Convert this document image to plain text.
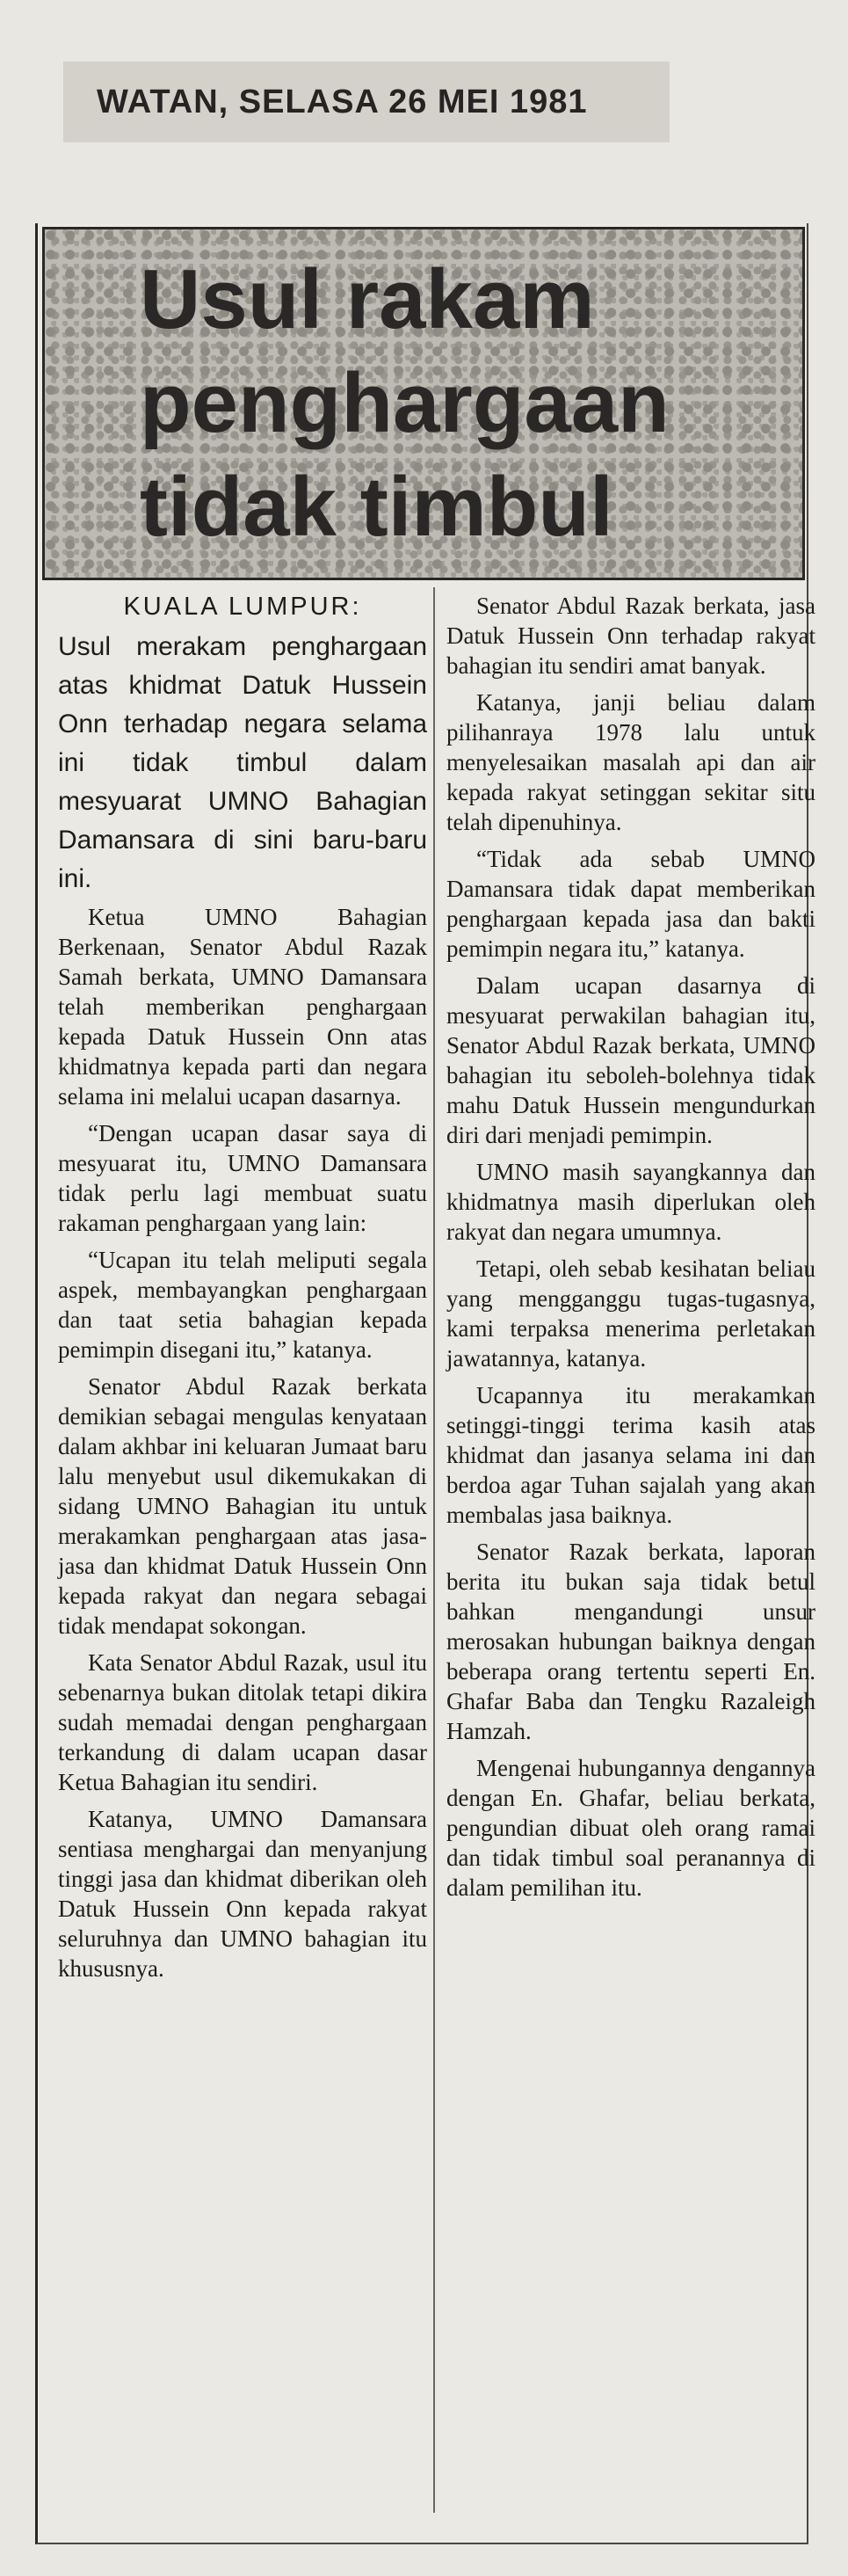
WATAN, SELASA 26 MEI 1981
Usul rakam
penghargaan
tidak timbul
KUALA LUMPUR:

Usul merakam penghargaan atas khidmat Datuk Hussein Onn terhadap negara selama ini tidak timbul dalam mesyuarat UMNO Bahagian Damansara di sini baru-baru ini.

Ketua UMNO Bahagian Berkenaan, Senator Abdul Razak Samah berkata, UMNO Damansara telah memberikan penghargaan kepada Datuk Hussein Onn atas khidmatnya kepada parti dan negara selama ini melalui ucapan dasarnya.

“Dengan ucapan dasar saya di mesyuarat itu, UMNO Damansara tidak perlu lagi membuat suatu rakaman penghargaan yang lain:

“Ucapan itu telah meliputi segala aspek, membayangkan penghargaan dan taat setia bahagian kepada pemimpin disegani itu,” katanya.

Senator Abdul Razak berkata demikian sebagai mengulas kenyataan dalam akhbar ini keluaran Jumaat baru lalu menyebut usul dikemukakan di sidang UMNO Bahagian itu untuk merakamkan penghargaan atas jasa-jasa dan khidmat Datuk Hussein Onn kepada rakyat dan negara sebagai tidak mendapat sokongan.

Kata Senator Abdul Razak, usul itu sebenarnya bukan ditolak tetapi dikira sudah memadai dengan penghargaan terkandung di dalam ucapan dasar Ketua Bahagian itu sendiri.

Katanya, UMNO Damansara sentiasa menghargai dan menyanjung tinggi jasa dan khidmat diberikan oleh Datuk Hussein Onn kepada rakyat seluruhnya dan UMNO bahagian itu khususnya.

Senator Abdul Razak berkata, jasa Datuk Hussein Onn terhadap rakyat bahagian itu sendiri amat banyak.

Katanya, janji beliau dalam pilihanraya 1978 lalu untuk menyelesaikan masalah api dan air kepada rakyat setinggan sekitar situ telah dipenuhinya.

“Tidak ada sebab UMNO Damansara tidak dapat memberikan penghargaan kepada jasa dan bakti pemimpin negara itu,” katanya.

Dalam ucapan dasarnya di mesyuarat perwakilan bahagian itu, Senator Abdul Razak berkata, UMNO bahagian itu seboleh-bolehnya tidak mahu Datuk Hussein mengundurkan diri dari menjadi pemimpin.

UMNO masih sayangkannya dan khidmatnya masih diperlukan oleh rakyat dan negara umumnya.

Tetapi, oleh sebab kesihatan beliau yang mengganggu tugas-tugasnya, kami terpaksa menerima perletakan jawatannya, katanya.

Ucapannya itu merakamkan setinggi-tinggi terima kasih atas khidmat dan jasanya selama ini dan berdoa agar Tuhan sajalah yang akan membalas jasa baiknya.

Senator Razak berkata, laporan berita itu bukan saja tidak betul bahkan mengandungi unsur merosakan hubungan baiknya dengan beberapa orang tertentu seperti En. Ghafar Baba dan Tengku Razaleigh Hamzah.

Mengenai hubungannya dengannya dengan En. Ghafar, beliau berkata, pengundian dibuat oleh orang ramai dan tidak timbul soal peranannya di dalam pemilihan itu.
